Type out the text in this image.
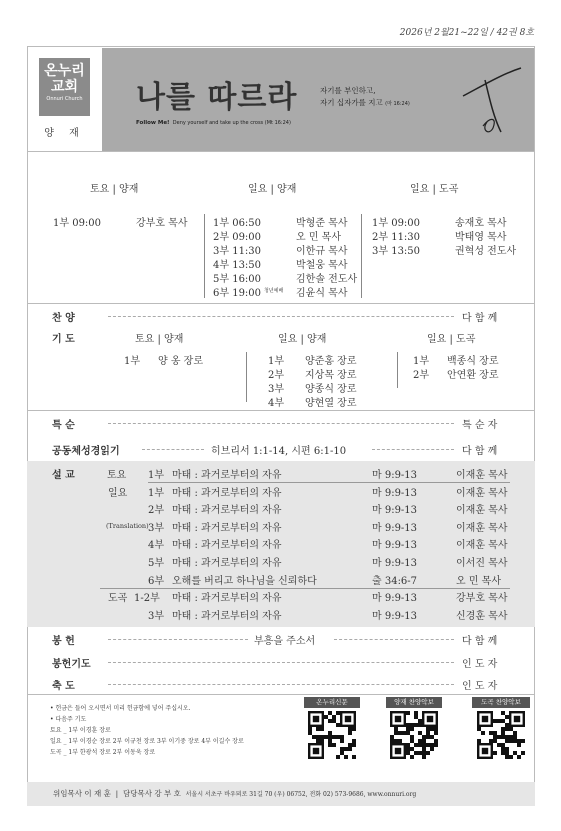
2026년 2월21~22일 / 42권 8호
온누리
교회
Onnuri Church
양 재
나를 따르라	자기를 부인하고,
자기 십자가를 지고 (마 16:24)
Follow Me! Deny yourself and take up the cross (Mt 16:24)
토요 | 양재	일요 | 양재	일요 | 도곡
1부 09:00	강부호 목사	1부 06:50	박형준 목사
2부 09:00	오 민 목사
3부 11:30	이한규 목사
4부 13:50	박철웅 목사
5부 16:00	김한솔 전도사
6부 19:00 청년예배 김윤식 목사
1부 09:00	송재호 목사
2부 11:30	박태영 목사
3부 13:50	권혁성 전도사
찬 양	다 함 께
기 도	토요 | 양재	일요 | 양재	일요 | 도곡
1부 양 옹 장로	1부 양준홍 장로
2부 지상목 장로
3부 양종식 장로
4부 양현열 장로
1부 백종식 장로
2부 안연환 장로
특 순	특 순 자
공동체성경읽기	히브리서 1:1-14, 시편 6:1-10	다 함 께
설 교	토요 1부 마태 : 과거로부터의 자유	마 9:9-13	이재훈 목사
일요 1부 마태 : 과거로부터의 자유	마 9:9-13	이재훈 목사
2부 마태 : 과거로부터의 자유	마 9:9-13	이재훈 목사
(Translation) 3부 마태 : 과거로부터의 자유	마 9:9-13	이재훈 목사
4부 마태 : 과거로부터의 자유	마 9:9-13	이재훈 목사
5부 마태 : 과거로부터의 자유	마 9:9-13	이서진 목사
6부 오해를 버리고 하나님을 신뢰하다	출 34:6-7	오 민 목사
도곡 1-2부 마태 : 과거로부터의 자유	마 9:9-13	강부호 목사
3부 마태 : 과거로부터의 자유	마 9:9-13	신경훈 목사
봉 헌	부흥을 주소서	다 함 께
봉헌기도	인 도 자
축 도	인 도 자
• 헌금은 들어 오시면서 미리 헌금함에 넣어 주십시오.
• 다음주 기도
토요 _ 1부 이경훈 장로
일요 _ 1부 이경순 장로 2부 이규천 장로 3부 이기중 장로 4부 이길수 장로
도곡 _ 1부 한광석 장로 2부 이동욱 장로
온누리신문	양재 찬양악보	도곡 찬양악보
위임목사 이 재 훈 | 담당목사 강 부 호 서울시 서초구 바우뫼로 31길 70 (우) 06752, 전화 02) 573-9686, www.onnuri.org
